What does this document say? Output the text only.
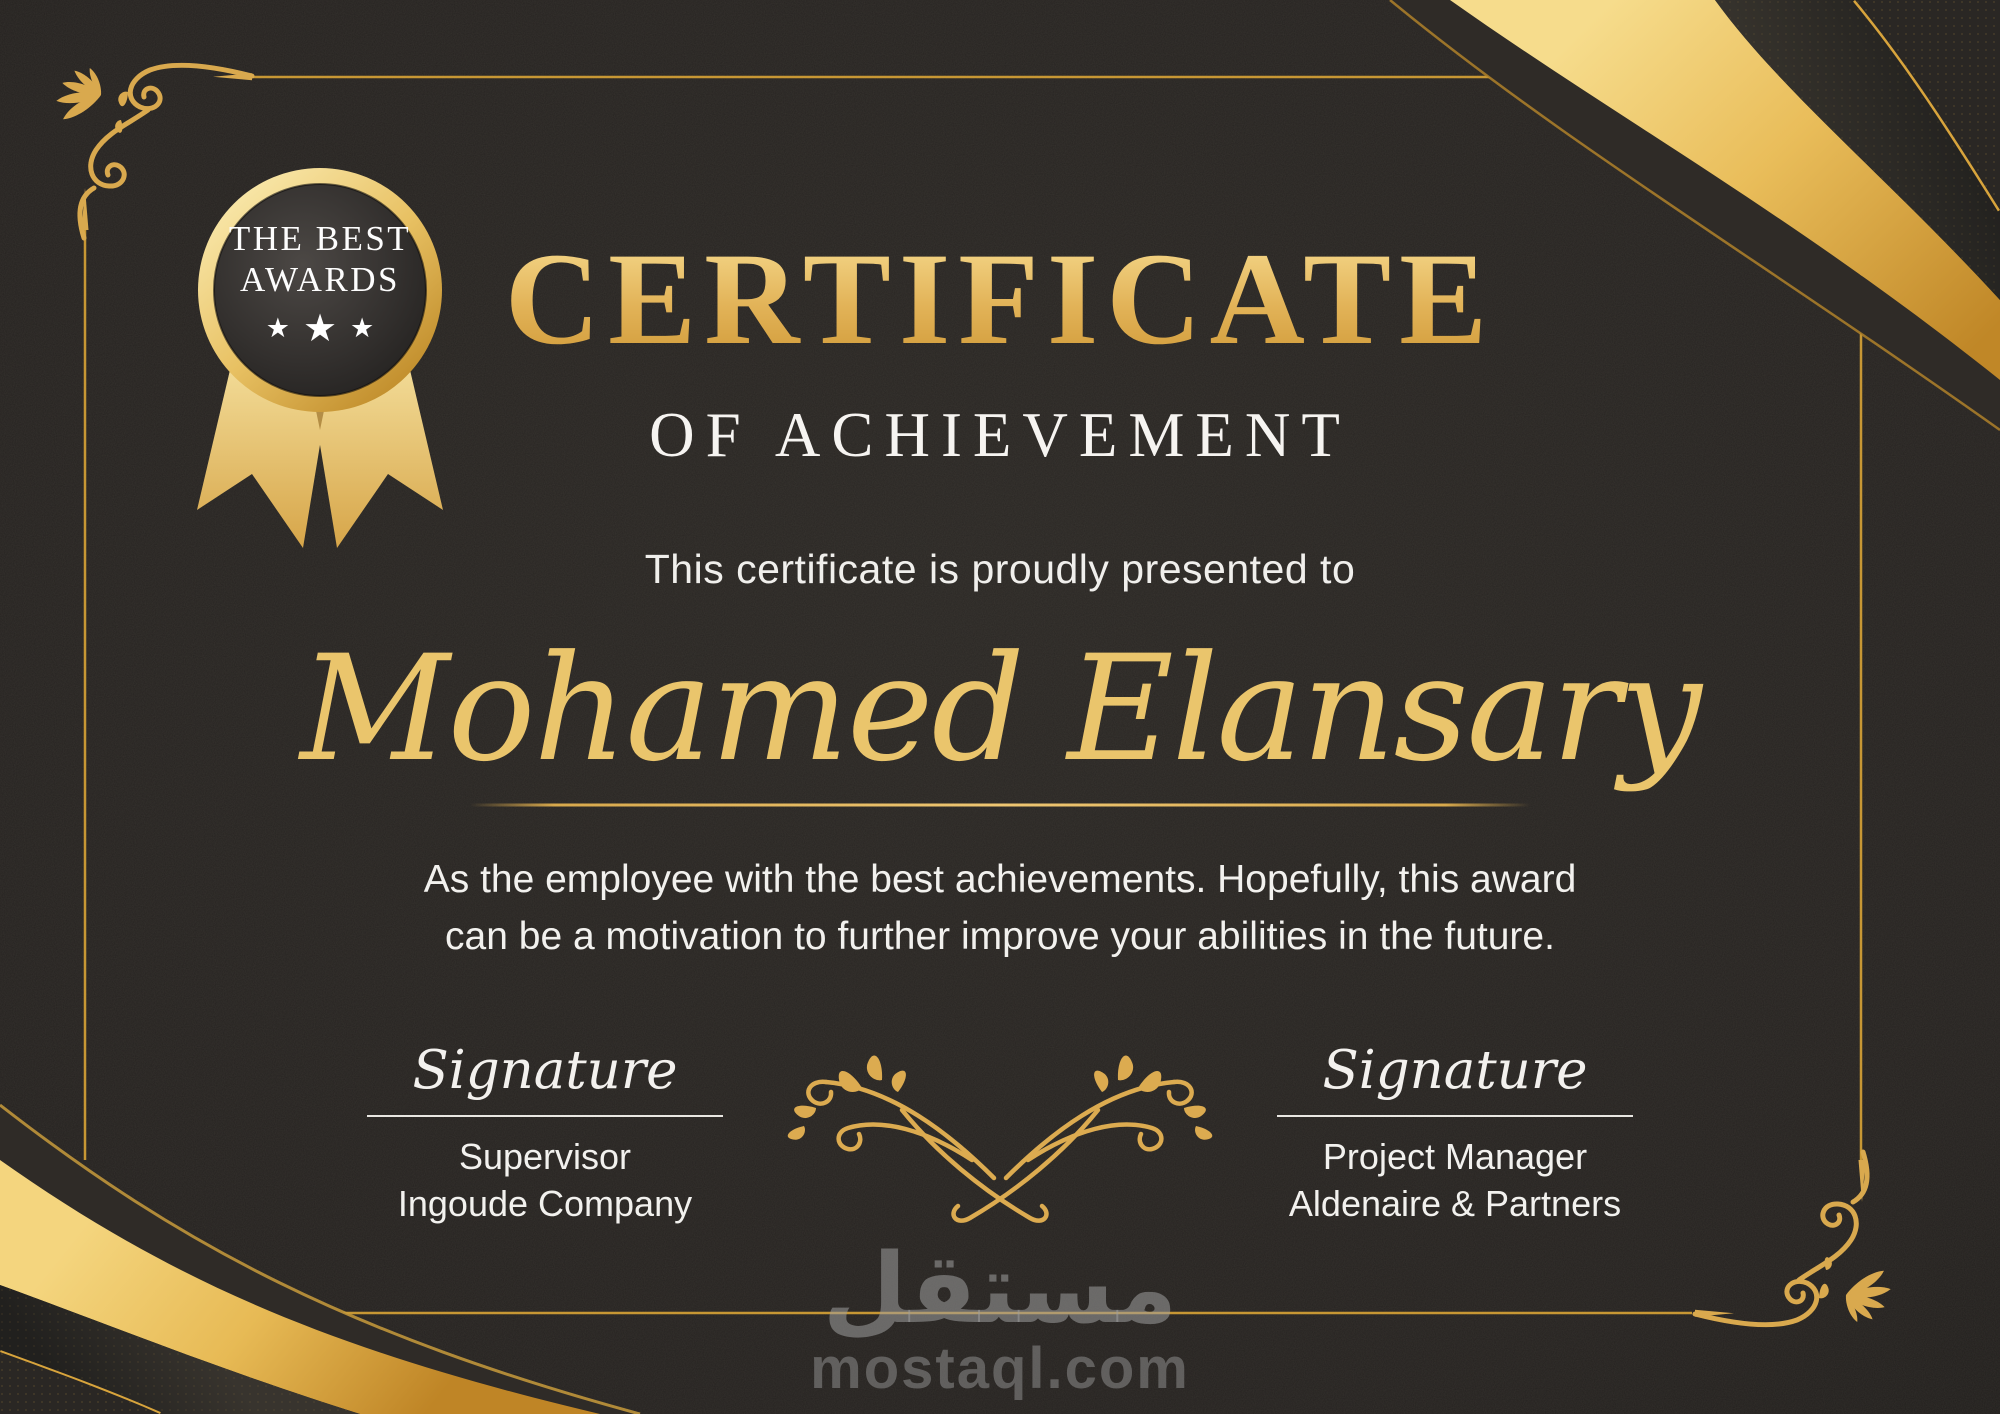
CERTIFICATE
OF ACHIEVEMENT
This certificate is proudly presented to
Mohamed Elansary
As the employee with the best achievements. Hopefully, this award
can be a motivation to further improve your abilities in the future.
Signature
Supervisor
Ingoude Company
Signature
Project Manager
Aldenaire & Partners
مستقل
mostaql.com
